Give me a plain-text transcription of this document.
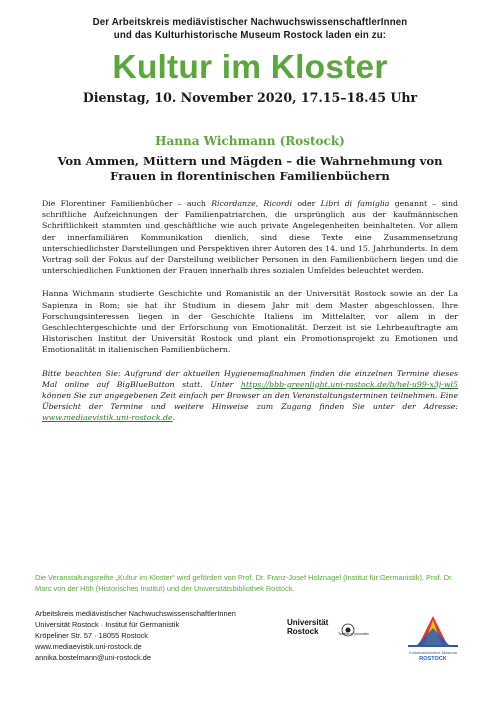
Der Arbeitskreis mediävistischer NachwuchswissenschaftlerInnen
und das Kulturhistorische Museum Rostock laden ein zu:
Kultur im Kloster
Dienstag, 10. November 2020, 17.15–18.45 Uhr
Hanna Wichmann (Rostock)
Von Ammen, Müttern und Mägden – die Wahrnehmung von
Frauen in florentinischen Familienbüchern

Die Florentiner Familienbücher – auch Ricordanze, Ricordi oder Libri di famiglia genannt – sind schriftliche Aufzeichnungen der Familienpatriarchen, die ursprünglich aus der kaufmännischen Schriftlichkeit stammten und geschäftliche wie auch private Angelegenheiten beinhalteten. Vor allem der innerfamiliären Kommunikation dienlich, sind diese Texte eine Zusammensetzung unterschiedlichster Darstellungen und Perspektiven ihrer Autoren des 14. und 15. Jahrhunderts. In dem Vortrag soll der Fokus auf der Darstellung weiblicher Personen in den Familienbüchern liegen und die unterschiedlichen Funktionen der Frauen innerhalb ihres sozialen Umfeldes beleuchtet werden.

Hanna Wichmann studierte Geschichte und Romanistik an der Universität Rostock sowie an der La Sapienza in Rom; sie hat ihr Studium in diesem Jahr mit dem Master abgeschlossen. Ihre Forschungsinteressen liegen in der Geschichte Italiens im Mittelalter, vor allem in der Geschlechtergeschichte und der Erforschung von Emotionalität. Derzeit ist sie Lehrbeauftragte am Historischen Institut der Universität Rostock und plant ein Promotionsprojekt zu Emotionen und Emotionalität in italienischen Familienbüchern.

Bitte beachten Sie: Aufgrund der aktuellen Hygienemaßnahmen finden die einzelnen Termine dieses Mal online auf BigBlueButton statt. Unter https://bbb-greenlight.uni-rostock.de/b/hel-u99-x3j-wl5 können Sie zur angegebenen Zeit einfach per Browser an den Veranstaltungsterminen teilnehmen. Eine Übersicht der Termine und weitere Hinweise zum Zugang finden Sie unter der Adresse: www.mediaevistik.uni-rostock.de.

Die Veranstaltungsreihe „Kultur im Kloster“ wird gefördert von Prof. Dr. Franz-Josef Holznagel (Institut für Germanistik), Prof. Dr. Marc von der Höh (Historisches Institut) und der Universitätsbibliothek Rostock.
Arbeitskreis mediävistischer NachwuchswissenschaftlerInnen
Universität Rostock · Institut für Germanistik
Kröpeliner Str. 57 · 18055 Rostock
www.mediaevistik.uni-rostock.de
annika.bostelmann@uni-rostock.de
Universität
Rostock	Traditio et Innovatio
Kulturhistorisches Museum
ROSTOCK
